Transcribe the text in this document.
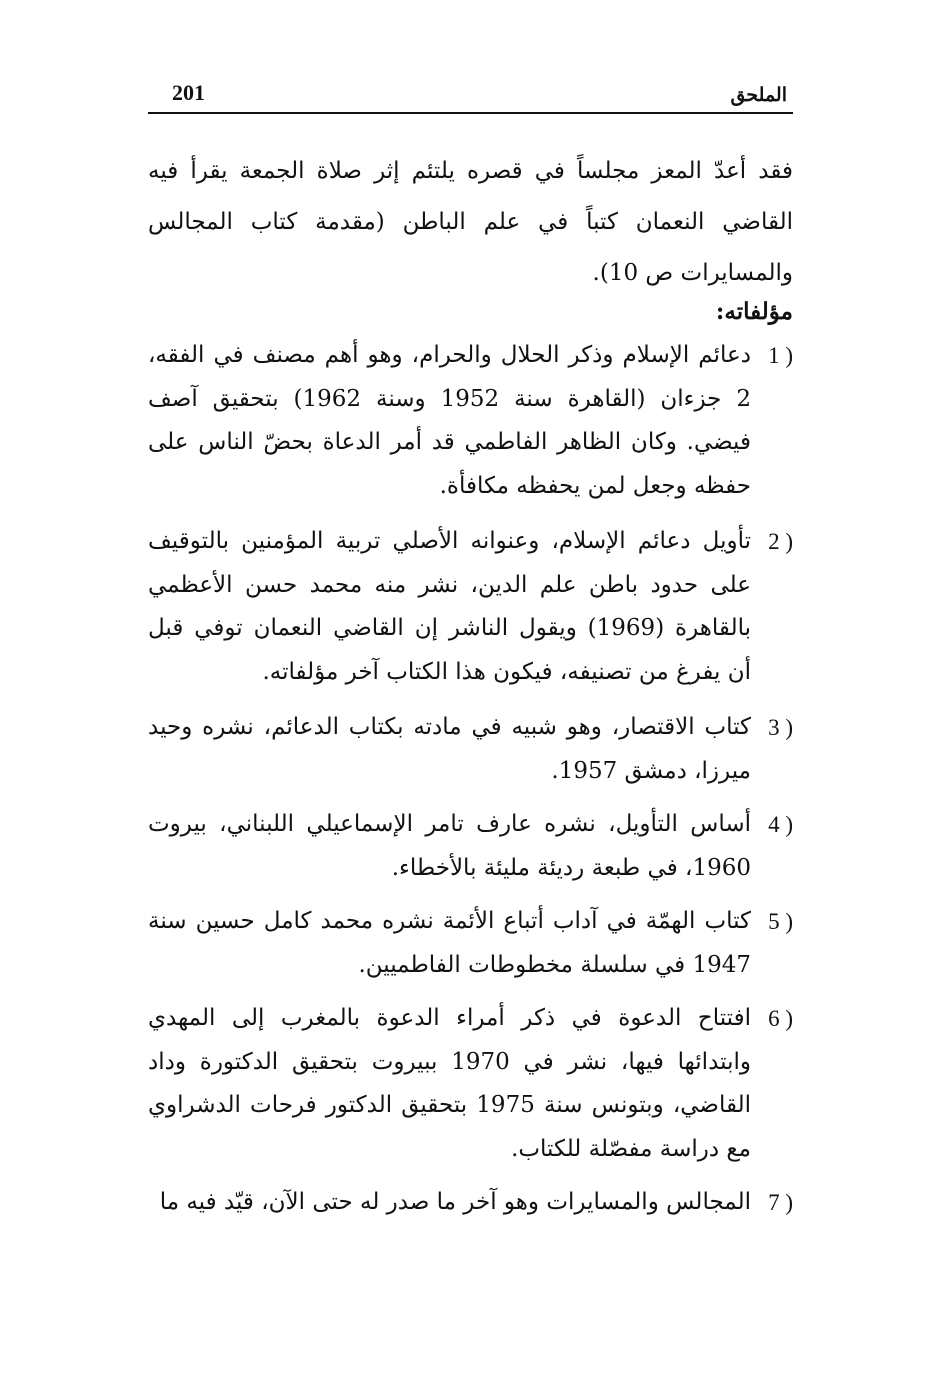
201	الملحق

فقد أعدّ المعز مجلساً في قصره يلتئم إثر صلاة الجمعة يقرأ فيه القاضي النعمان كتباً في علم الباطن (مقدمة كتاب المجالس والمسايرات ص 10).

مؤلفاته:

1 )
دعائم الإسلام وذكر الحلال والحرام، وهو أهم مصنف في الفقه، 2 جزءان (القاهرة سنة 1952 وسنة 1962) بتحقيق آصف فيضي. وكان الظاهر الفاطمي قد أمر الدعاة بحضّ الناس على حفظه وجعل لمن يحفظه مكافأة.
2 )
تأويل دعائم الإسلام، وعنوانه الأصلي تربية المؤمنين بالتوقيف على حدود باطن علم الدين، نشر منه محمد حسن الأعظمي بالقاهرة (1969) ويقول الناشر إن القاضي النعمان توفي قبل أن يفرغ من تصنيفه، فيكون هذا الكتاب آخر مؤلفاته.
3 )
كتاب الاقتصار، وهو شبيه في مادته بكتاب الدعائم، نشره وحيد ميرزا، دمشق 1957.
4 )
أساس التأويل، نشره عارف تامر الإسماعيلي اللبناني، بيروت 1960، في طبعة رديئة مليئة بالأخطاء.
5 )
كتاب الهمّة في آداب أتباع الأئمة نشره محمد كامل حسين سنة 1947 في سلسلة مخطوطات الفاطميين.
6 )
افتتاح الدعوة في ذكر أمراء الدعوة بالمغرب إلى المهدي وابتدائها فيها، نشر في 1970 ببيروت بتحقيق الدكتورة وداد القاضي، وبتونس سنة 1975 بتحقيق الدكتور فرحات الدشراوي مع دراسة مفصّلة للكتاب.
7 )
المجالس والمسايرات وهو آخر ما صدر له حتى الآن، قيّد فيه ما
